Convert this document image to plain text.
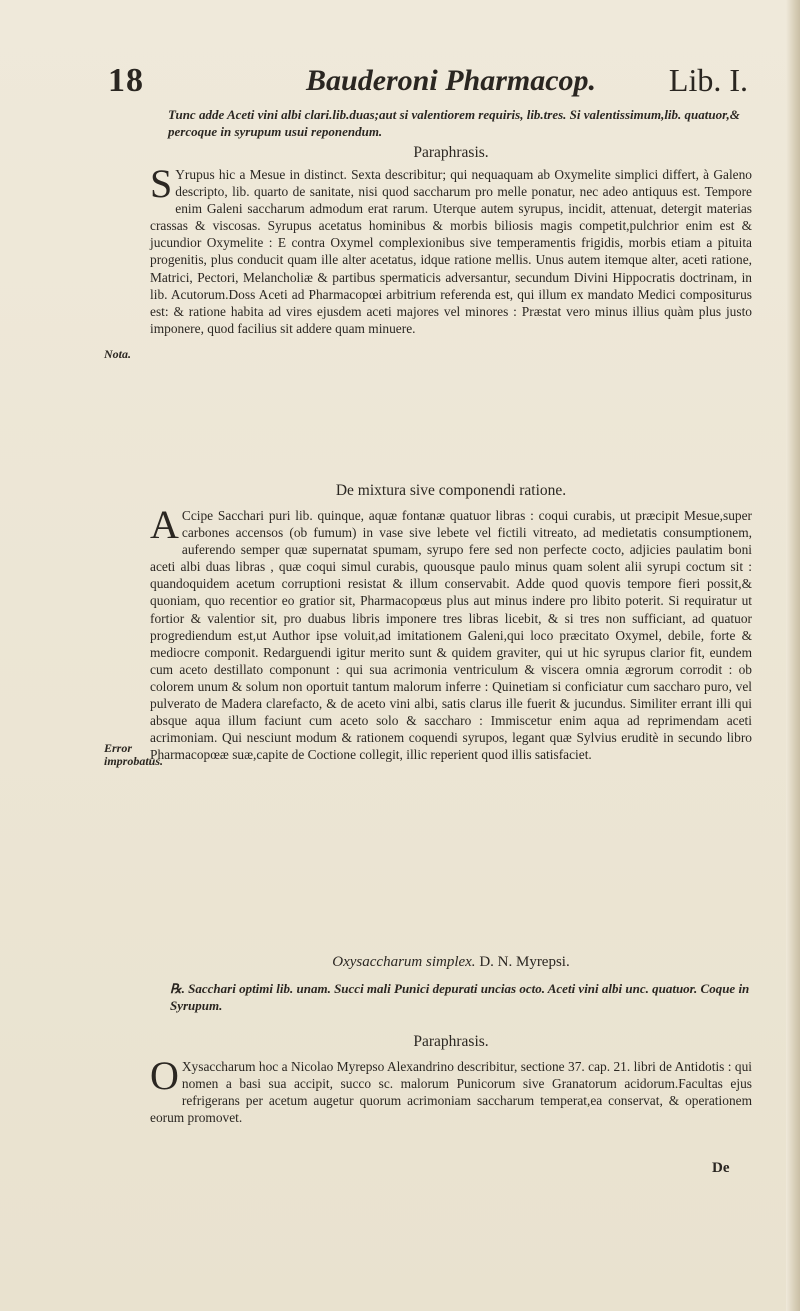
18	Bauderoni Pharmacop. Lib. I.
Tunc adde Aceti vini albi clari.lib.duas;aut si valentiorem requiris, lib.tres. Si valentissimum,lib. quatuor,& percoque in syrupum usui reponendum.
Paraphrasis.
S Yrupus hic a Mesue in distinct. Sexta describitur; qui nequaquam ab Oxymelite simplici differt, à Galeno descripto, lib. quarto de sanitate, nisi quod saccharum pro melle ponatur, nec adeo antiquus est. Tempore enim Galeni saccharum admodum erat rarum. Uterque autem syrupus, incidit, attenuat, detergit materias crassas & viscosas. Syrupus acetatus hominibus & morbis biliosis magis competit,pulchrior enim est & jucundior Oxymelite : E contra Oxymel complexionibus sive temperamentis frigidis, morbis etiam a pituita progenitis, plus conducit quam ille alter acetatus, idque ratione mellis. Unus autem itemque alter, aceti ratione, Matrici, Pectori, Melancholiæ & partibus spermaticis adversantur, secundum Divini Hippocratis doctrinam, in lib. Acutorum.Doss Aceti ad Pharmacopœi arbitrium referenda est, qui illum ex mandato Medici compositurus est: & ratione habita ad vires ejusdem aceti majores vel minores : Præstat vero minus illius quàm plus justo imponere, quod facilius sit addere quam minuere.
Nota.
De mixtura sive componendi ratione.
A Ccipe Sacchari puri lib. quinque, aquæ fontanæ quatuor libras : coqui curabis, ut præcipit Mesue,super carbones accensos (ob fumum) in vase sive lebete vel fictili vitreato, ad medietatis consumptionem, auferendo semper quæ supernatat spumam, syrupo fere sed non perfecte cocto, adjicies paulatim boni aceti albi duas libras , quæ coqui simul curabis, quousque paulo minus quam solent alii syrupi coctum sit : quandoquidem acetum corruptioni resistat & illum conservabit. Adde quod quovis tempore fieri possit,& quoniam, quo recentior eo gratior sit, Pharmacopœus plus aut minus indere pro libito poterit. Si requiratur ut fortior & valentior sit, pro duabus libris imponere tres libras licebit, & si tres non sufficiant, ad quatuor progrediendum est,ut Author ipse voluit,ad imitationem Galeni,qui loco præcitato Oxymel, debile, forte & mediocre componit. Redarguendi igitur merito sunt & quidem graviter, qui ut hic syrupus clarior fit, eundem cum aceto destillato componunt : qui sua acrimonia ventriculum & viscera omnia ægrorum corrodit : ob colorem unum & solum non oportuit tantum malorum inferre : Quinetiam si conficiatur cum saccharo puro, vel pulverato de Madera clarefacto, & de aceto vini albi, satis clarus ille fuerit & jucundus. Similiter errant illi qui absque aqua illum faciunt cum aceto solo & saccharo : Immiscetur enim aqua ad reprimendam aceti acrimoniam. Qui nesciunt modum & rationem coquendi syrupos, legant quæ Sylvius eruditè in secundo libro Pharmacopœæ suæ,capite de Coctione collegit, illic reperient quod illis satisfaciet.
Error improbatus.
Oxysaccharum simplex. D. N. Myrepsi.
℞. Sacchari optimi lib. unam. Succi mali Punici depurati uncias octo. Aceti vini albi unc. quatuor. Coque in Syrupum.
Paraphrasis.
O Xysaccharum hoc a Nicolao Myrepso Alexandrino describitur, sectione 37. cap. 21. libri de Antidotis : qui nomen a basi sua accipit, succo sc. malorum Punicorum sive Granatorum acidorum.Facultas ejus refrigerans per acetum augetur quorum acrimoniam saccharum temperat,ea conservat, & operationem eorum promovet.
De
